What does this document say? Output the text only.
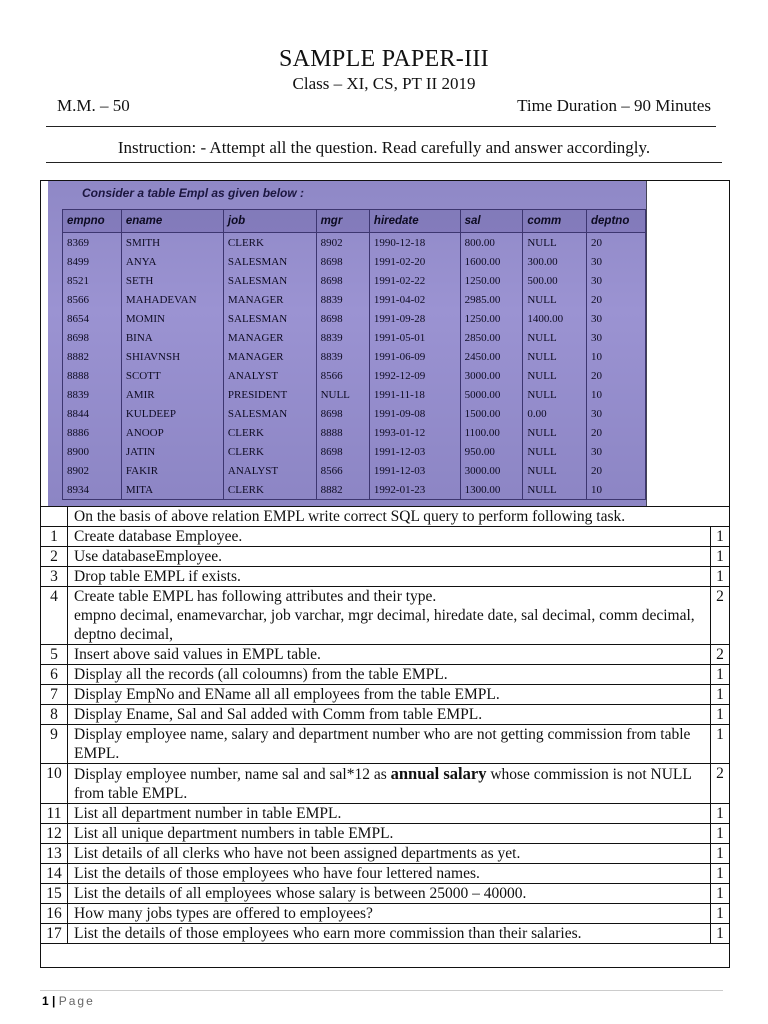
SAMPLE PAPER-III
Class – XI, CS, PT II 2019
M.M. – 50	Time Duration – 90 Minutes
Instruction: - Attempt all the question. Read carefully and answer accordingly.
Consider a table Empl as given below :
empno	ename	job	mgr	hiredate	sal	comm	deptno
8369	SMITH	CLERK	8902	1990-12-18	800.00	NULL	20
8499	ANYA	SALESMAN	8698	1991-02-20	1600.00	300.00	30
8521	SETH	SALESMAN	8698	1991-02-22	1250.00	500.00	30
8566	MAHADEVAN	MANAGER	8839	1991-04-02	2985.00	NULL	20
8654	MOMIN	SALESMAN	8698	1991-09-28	1250.00	1400.00	30
8698	BINA	MANAGER	8839	1991-05-01	2850.00	NULL	30
8882	SHIAVNSH	MANAGER	8839	1991-06-09	2450.00	NULL	10
8888	SCOTT	ANALYST	8566	1992-12-09	3000.00	NULL	20
8839	AMIR	PRESIDENT	NULL	1991-11-18	5000.00	NULL	10
8844	KULDEEP	SALESMAN	8698	1991-09-08	1500.00	0.00	30
8886	ANOOP	CLERK	8888	1993-01-12	1100.00	NULL	20
8900	JATIN	CLERK	8698	1991-12-03	950.00	NULL	30
8902	FAKIR	ANALYST	8566	1991-12-03	3000.00	NULL	20
8934	MITA	CLERK	8882	1992-01-23	1300.00	NULL	10
	On the basis of above relation EMPL write correct SQL query to perform following task.	
1	Create database Employee.	1
2	Use databaseEmployee.	1
3	Drop table EMPL if exists.	1
4	Create table EMPL has following attributes and their type.
empno decimal, enamevarchar, job varchar, mgr decimal, hiredate date, sal decimal, comm decimal, deptno decimal,	2
5	Insert above said values in EMPL table.	2
6	Display all the records (all coloumns) from the table EMPL.	1
7	Display EmpNo and EName all all employees from the table EMPL.	1
8	Display Ename, Sal and Sal added with Comm from table EMPL.	1
9	Display employee name, salary and department number who are not getting commission from table EMPL.	1
10	Display employee number, name sal and sal*12 as annual salary whose commission is not NULL from table EMPL.	2
11	List all department number in table EMPL.	1
12	List all unique department numbers in table EMPL.	1
13	List details of all clerks who have not been assigned departments as yet.	1
14	List the details of those employees who have four lettered names.	1
15	List the details of all employees whose salary is between 25000 – 40000.	1
16	How many jobs types are offered to employees?	1
17	List the details of those employees who earn more commission than their salaries.	1
1 | Page
